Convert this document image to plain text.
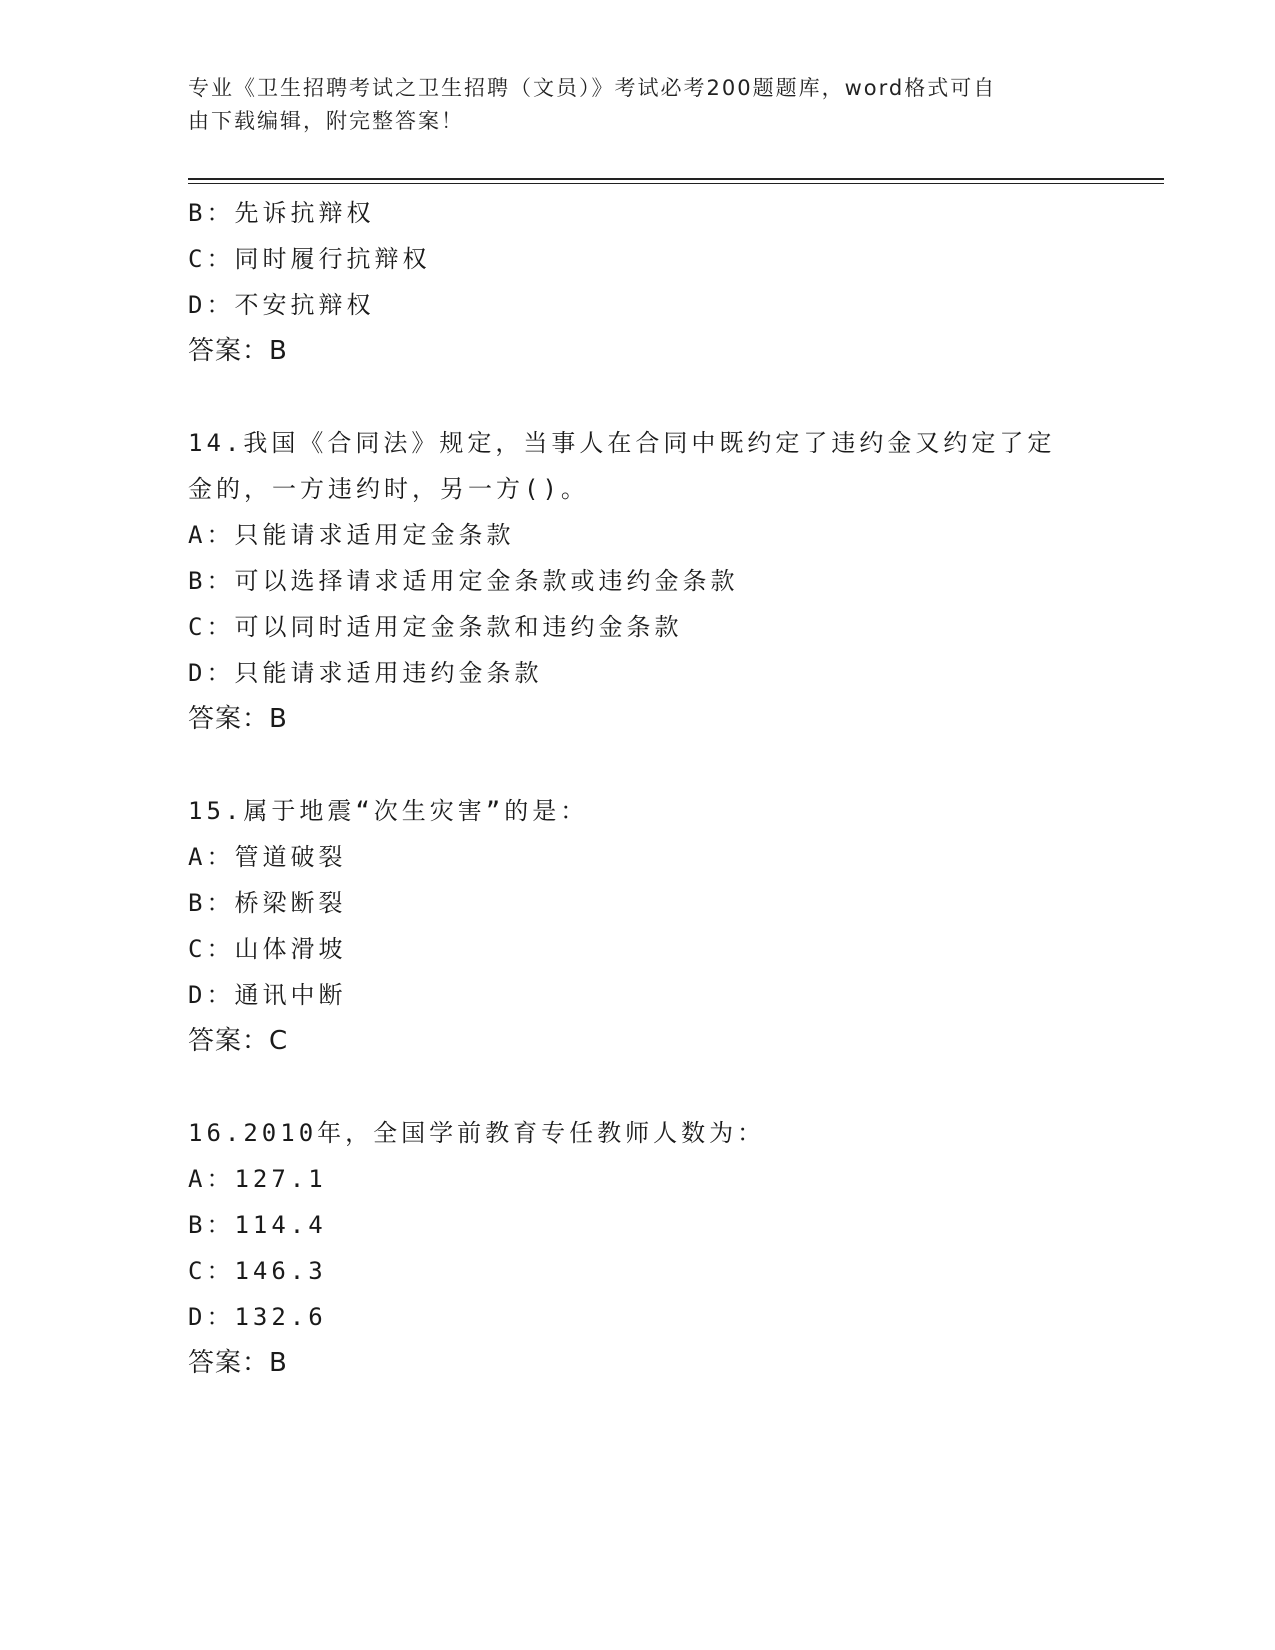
专业《卫生招聘考试之卫生招聘（文员）》考试必考200题题库，word格式可自
由下载编辑，附完整答案！
B：先诉抗辩权
C：同时履行抗辩权
D：不安抗辩权
答案：B
14.我国《合同法》规定，当事人在合同中既约定了违约金又约定了定
金的，一方违约时，另一方()。
A：只能请求适用定金条款
B：可以选择请求适用定金条款或违约金条款
C：可以同时适用定金条款和违约金条款
D：只能请求适用违约金条款
答案：B
15.属于地震“次生灾害”的是：
A：管道破裂
B：桥梁断裂
C：山体滑坡
D：通讯中断
答案：C
16.2010年，全国学前教育专任教师人数为：
A：127.1
B：114.4
C：146.3
D：132.6
答案：B
